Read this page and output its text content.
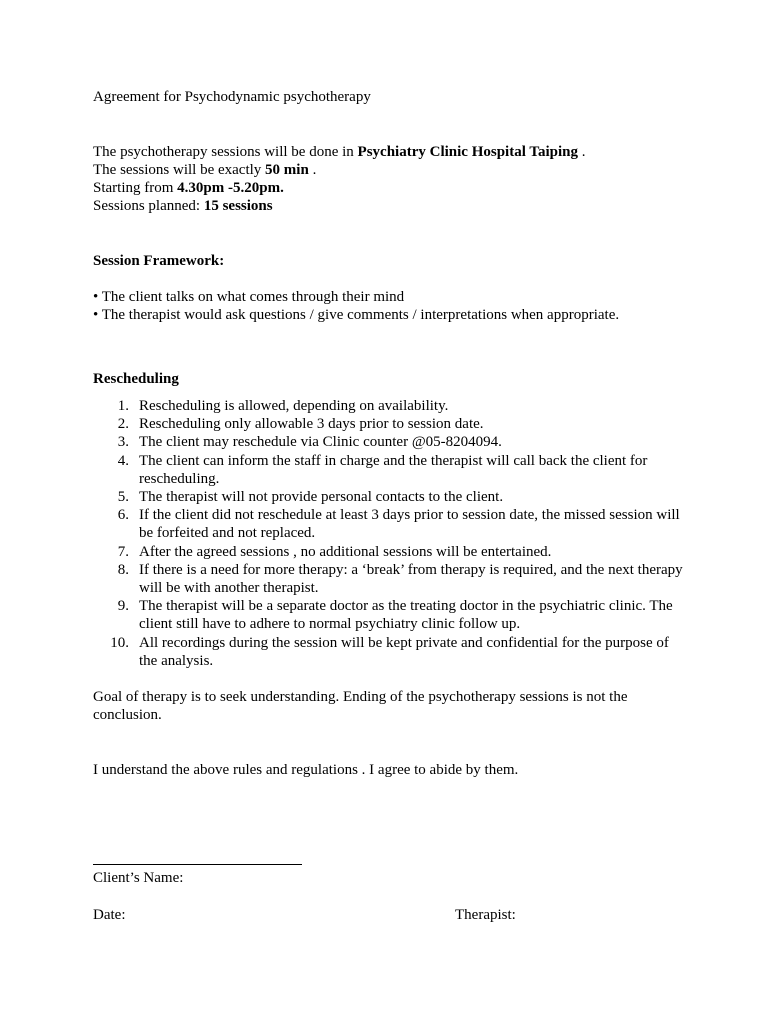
Agreement for Psychodynamic psychotherapy
The psychotherapy sessions will be done in Psychiatry Clinic Hospital Taiping .
The sessions will be exactly 50 min .
Starting from 4.30pm -5.20pm.
Sessions planned: 15 sessions
Session Framework:
• The client talks on what comes through their mind
• The therapist would ask questions / give comments / interpretations when appropriate.
Rescheduling
1. Rescheduling is allowed, depending on availability.
2. Rescheduling only allowable 3 days prior to session date.
3. The client may reschedule via Clinic counter @05-8204094.
4. The client can inform the staff in charge and the therapist will call back the client for rescheduling.
5. The therapist will not provide personal contacts to the client.
6. If the client did not reschedule at least 3 days prior to session date, the missed session will be forfeited and not replaced.
7. After the agreed sessions , no additional sessions will be entertained.
8. If there is a need for more therapy: a ‘break’ from therapy is required, and the next therapy will be with another therapist.
9. The therapist will be a separate doctor as the treating doctor in the psychiatric clinic. The client still have to adhere to normal psychiatry clinic follow up.
10. All recordings during the session will be kept private and confidential for the purpose of the analysis.

Goal of therapy is to seek understanding. Ending of the psychotherapy sessions is not the conclusion.

I understand the above rules and regulations . I agree to abide by them.

Client’s Name:

Date:	Therapist:
